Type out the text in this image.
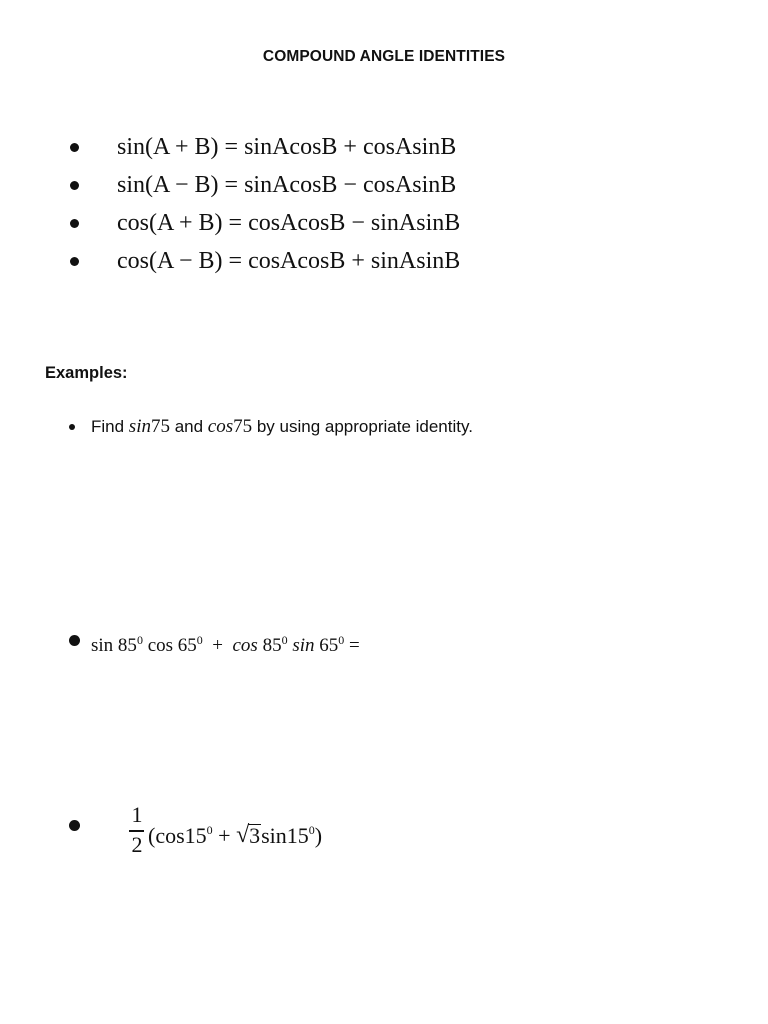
COMPOUND ANGLE IDENTITIES
sin(A + B) = sinAcosB + cosAsinB
sin(A − B) = sinAcosB − cosAsinB
cos(A + B) = cosAcosB − sinAsinB
cos(A − B) = cosAcosB + sinAsinB
Examples:
Find sin75 and cos75 by using appropriate identity.
$\sin 85^0$ $\cos 65^0 + \cos 85^0$ $\sin 65^0$ =
1
2 ($\cos 15^0$ + √ $3\sin 15^0$)
